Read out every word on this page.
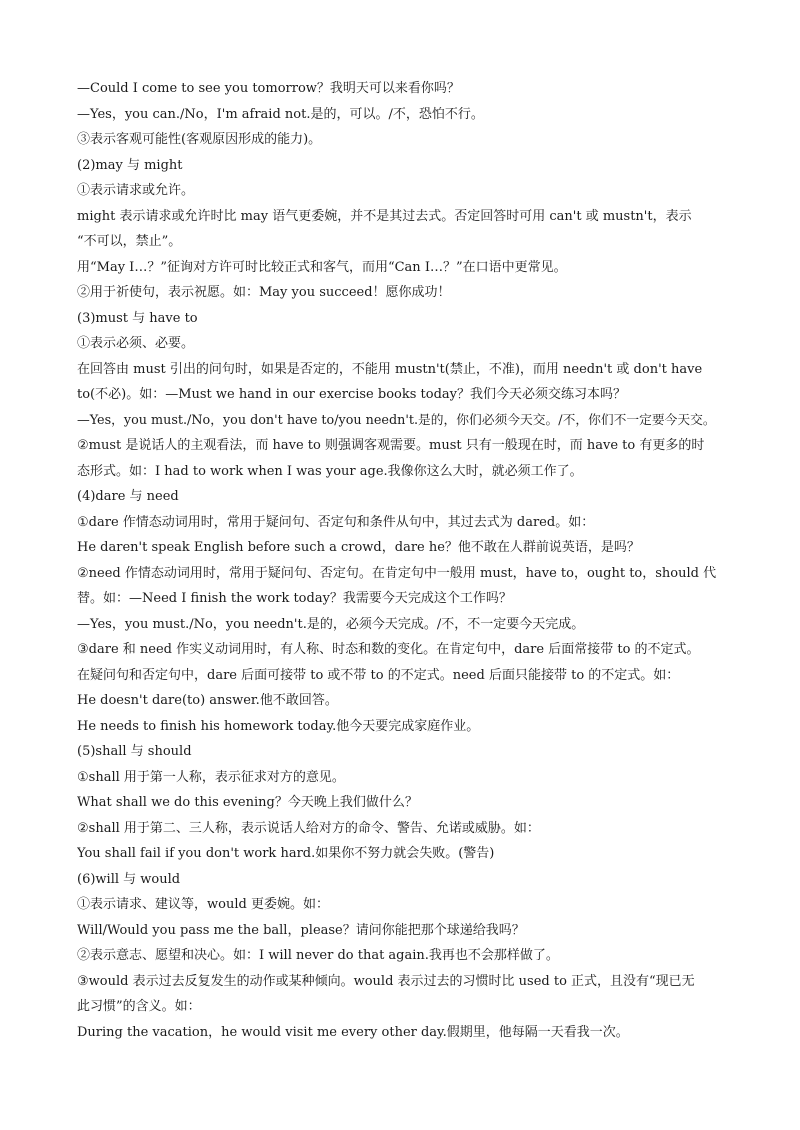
—Could I come to see you tomorrow？我明天可以来看你吗？
—Yes，you can./No，I'm afraid not.是的，可以。/不，恐怕不行。
③表示客观可能性(客观原因形成的能力)。
(2)may 与 might
①表示请求或允许。
might 表示请求或允许时比 may 语气更委婉，并不是其过去式。否定回答时可用 can't 或 mustn't，表示
“不可以，禁止”。
用“May I…？”征询对方许可时比较正式和客气，而用“Can I…？”在口语中更常见。
②用于祈使句，表示祝愿。如：May you succeed！愿你成功！
(3)must 与 have to
①表示必须、必要。
在回答由 must 引出的问句时，如果是否定的，不能用 mustn't(禁止，不准)，而用 needn't 或 don't have
to(不必)。如：—Must we hand in our exercise books today？我们今天必须交练习本吗？
—Yes，you must./No，you don't have to/you needn't.是的，你们必须今天交。/不，你们不一定要今天交。
②must 是说话人的主观看法，而 have to 则强调客观需要。must 只有一般现在时，而 have to 有更多的时
态形式。如：I had to work when I was your age.我像你这么大时，就必须工作了。
(4)dare 与 need
①dare 作情态动词用时，常用于疑问句、否定句和条件从句中，其过去式为 dared。如：
He daren't speak English before such a crowd，dare he？他不敢在人群前说英语，是吗？
②need 作情态动词用时，常用于疑问句、否定句。在肯定句中一般用 must，have to，ought to，should 代
替。如：—Need I finish the work today？我需要今天完成这个工作吗？
—Yes，you must./No，you needn't.是的，必须今天完成。/不，不一定要今天完成。
③dare 和 need 作实义动词用时，有人称、时态和数的变化。在肯定句中，dare 后面常接带 to 的不定式。
在疑问句和否定句中，dare 后面可接带 to 或不带 to 的不定式。need 后面只能接带 to 的不定式。如：
He doesn't dare(to) answer.他不敢回答。
He needs to finish his homework today.他今天要完成家庭作业。
(5)shall 与 should
①shall 用于第一人称，表示征求对方的意见。
What shall we do this evening？今天晚上我们做什么？
②shall 用于第二、三人称，表示说话人给对方的命令、警告、允诺或威胁。如：
You shall fail if you don't work hard.如果你不努力就会失败。(警告)
(6)will 与 would
①表示请求、建议等，would 更委婉。如：
Will/Would you pass me the ball，please？请问你能把那个球递给我吗？
②表示意志、愿望和决心。如：I will never do that again.我再也不会那样做了。
③would 表示过去反复发生的动作或某种倾向。would 表示过去的习惯时比 used to 正式，且没有“现已无
此习惯”的含义。如：
During the vacation，he would visit me every other day.假期里，他每隔一天看我一次。
